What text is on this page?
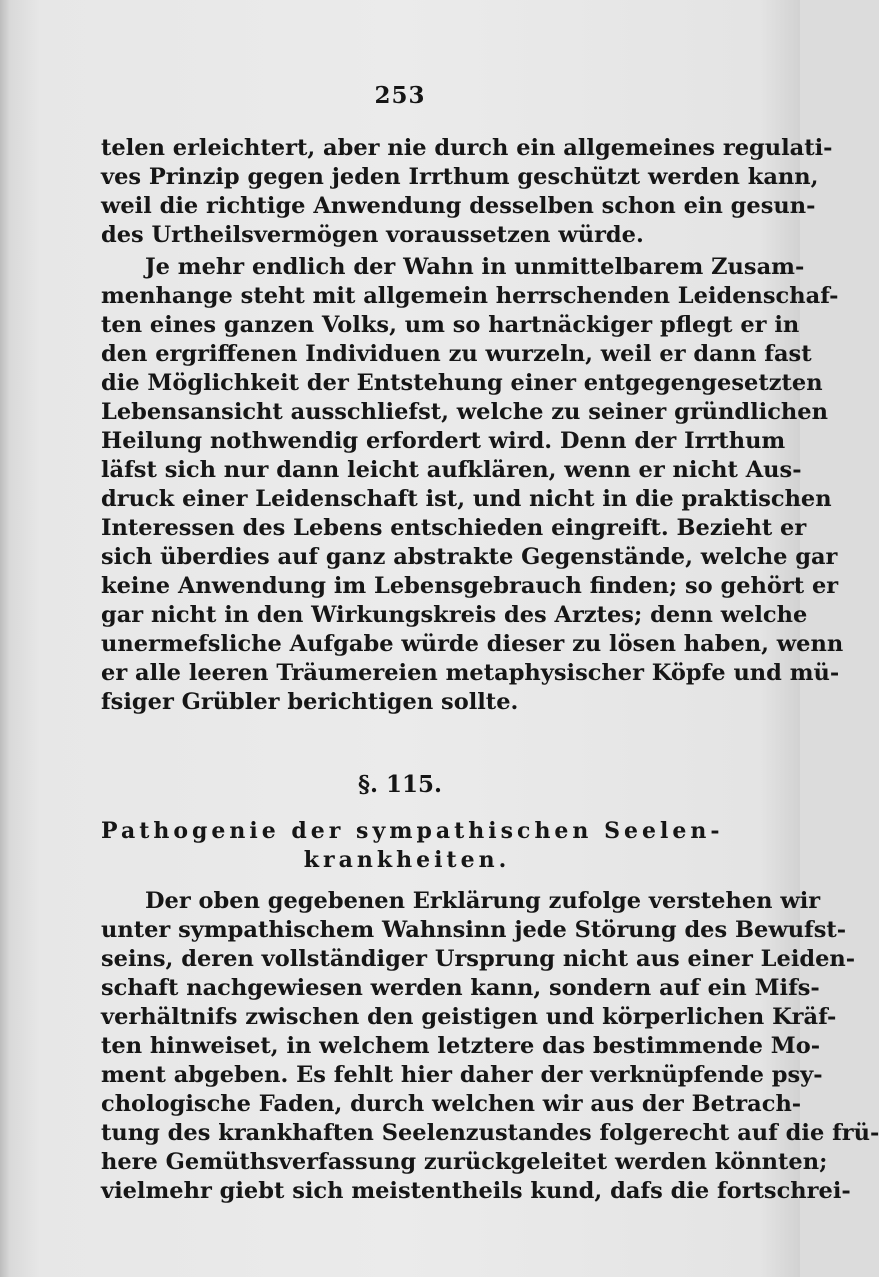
253
telen erleichtert, aber nie durch ein allgemeines regulati-
ves Prinzip gegen jeden Irrthum geschützt werden kann,
weil die richtige Anwendung desselben schon ein gesun-
des Urtheilsvermögen voraussetzen würde.
Je mehr endlich der Wahn in unmittelbarem Zusam-
menhange steht mit allgemein herrschenden Leidenschaf-
ten eines ganzen Volks, um so hartnäckiger pflegt er in
den ergriffenen Individuen zu wurzeln, weil er dann fast
die Möglichkeit der Entstehung einer entgegengesetzten
Lebensansicht ausschliefst, welche zu seiner gründlichen
Heilung nothwendig erfordert wird. Denn der Irrthum
läfst sich nur dann leicht aufklären, wenn er nicht Aus-
druck einer Leidenschaft ist, und nicht in die praktischen
Interessen des Lebens entschieden eingreift. Bezieht er
sich überdies auf ganz abstrakte Gegenstände, welche gar
keine Anwendung im Lebensgebrauch finden; so gehört er
gar nicht in den Wirkungskreis des Arztes; denn welche
unermefsliche Aufgabe würde dieser zu lösen haben, wenn
er alle leeren Träumereien metaphysischer Köpfe und mü-
fsiger Grübler berichtigen sollte.
§. 115.
Pathogenie der sympathischen Seelen-
krankheiten.
Der oben gegebenen Erklärung zufolge verstehen wir
unter sympathischem Wahnsinn jede Störung des Bewufst-
seins, deren vollständiger Ursprung nicht aus einer Leiden-
schaft nachgewiesen werden kann, sondern auf ein Mifs-
verhältnifs zwischen den geistigen und körperlichen Kräf-
ten hinweiset, in welchem letztere das bestimmende Mo-
ment abgeben. Es fehlt hier daher der verknüpfende psy-
chologische Faden, durch welchen wir aus der Betrach-
tung des krankhaften Seelenzustandes folgerecht auf die frü-
here Gemüthsverfassung zurückgeleitet werden könnten;
vielmehr giebt sich meistentheils kund, dafs die fortschrei-
